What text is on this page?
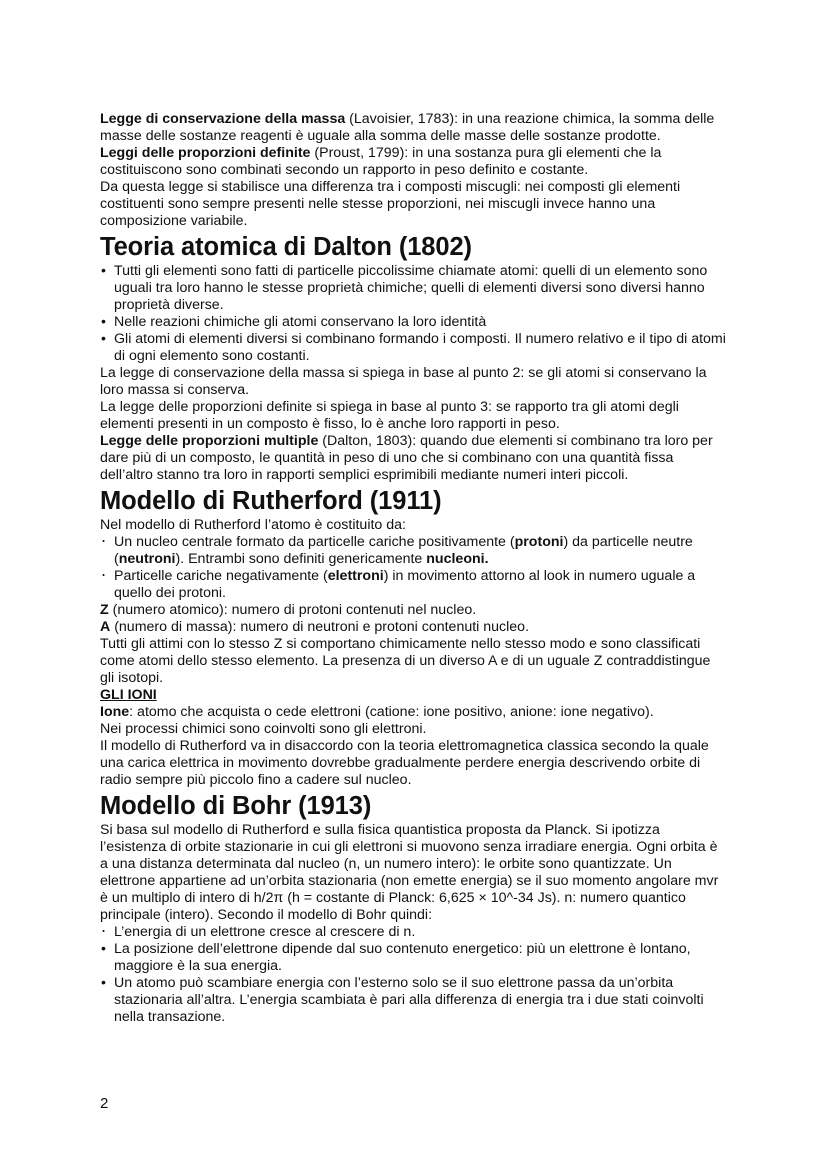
Legge di conservazione della massa (Lavoisier, 1783): in una reazione chimica, la somma delle masse delle sostanze reagenti è uguale alla somma delle masse delle sostanze prodotte.

Leggi delle proporzioni definite (Proust, 1799): in una sostanza pura gli elementi che la costituiscono sono combinati secondo un rapporto in peso definito e costante.

Da questa legge si stabilisce una differenza tra i composti miscugli: nei composti gli elementi costituenti sono sempre presenti nelle stesse proporzioni, nei miscugli invece hanno una composizione variabile.

Teoria atomica di Dalton (1802)
• Tutti gli elementi sono fatti di particelle piccolissime chiamate atomi: quelli di un elemento sono uguali tra loro hanno le stesse proprietà chimiche; quelli di elementi diversi sono diversi hanno proprietà diverse.
• Nelle reazioni chimiche gli atomi conservano la loro identità
• Gli atomi di elementi diversi si combinano formando i composti. Il numero relativo e il tipo di atomi di ogni elemento sono costanti.

La legge di conservazione della massa si spiega in base al punto 2: se gli atomi si conservano la loro massa si conserva.

La legge delle proporzioni definite si spiega in base al punto 3: se rapporto tra gli atomi degli elementi presenti in un composto è fisso, lo è anche loro rapporti in peso.

Legge delle proporzioni multiple (Dalton, 1803): quando due elementi si combinano tra loro per dare più di un composto, le quantità in peso di uno che si combinano con una quantità fissa dell’altro stanno tra loro in rapporti semplici esprimibili mediante numeri interi piccoli.

Modello di Rutherford (1911)

Nel modello di Rutherford l’atomo è costituito da:

‧ Un nucleo centrale formato da particelle cariche positivamente (protoni) da particelle neutre (neutroni). Entrambi sono definiti genericamente nucleoni.
‧ Particelle cariche negativamente (elettroni) in movimento attorno al look in numero uguale a quello dei protoni.

Z (numero atomico): numero di protoni contenuti nel nucleo.

A (numero di massa): numero di neutroni e protoni contenuti nucleo.

Tutti gli attimi con lo stesso Z si comportano chimicamente nello stesso modo e sono classificati come atomi dello stesso elemento. La presenza di un diverso A e di un uguale Z contraddistingue gli isotopi.

GLI IONI

Ione: atomo che acquista o cede elettroni (catione: ione positivo, anione: ione negativo).

Nei processi chimici sono coinvolti sono gli elettroni.

Il modello di Rutherford va in disaccordo con la teoria elettromagnetica classica secondo la quale una carica elettrica in movimento dovrebbe gradualmente perdere energia descrivendo orbite di radio sempre più piccolo fino a cadere sul nucleo.

Modello di Bohr (1913)

Si basa sul modello di Rutherford e sulla fisica quantistica proposta da Planck. Si ipotizza l’esistenza di orbite stazionarie in cui gli elettroni si muovono senza irradiare energia. Ogni orbita è a una distanza determinata dal nucleo (n, un numero intero): le orbite sono quantizzate. Un elettrone appartiene ad un’orbita stazionaria (non emette energia) se il suo momento angolare mvr è un multiplo di intero di h/2π (h = costante di Planck: 6,625 × 10^-34 Js). n: numero quantico principale (intero). Secondo il modello di Bohr quindi:

‧ L’energia di un elettrone cresce al crescere di n.
• La posizione dell’elettrone dipende dal suo contenuto energetico: più un elettrone è lontano, maggiore è la sua energia.
• Un atomo può scambiare energia con l’esterno solo se il suo elettrone passa da un’orbita stazionaria all’altra. L’energia scambiata è pari alla differenza di energia tra i due stati coinvolti nella transazione.
2
